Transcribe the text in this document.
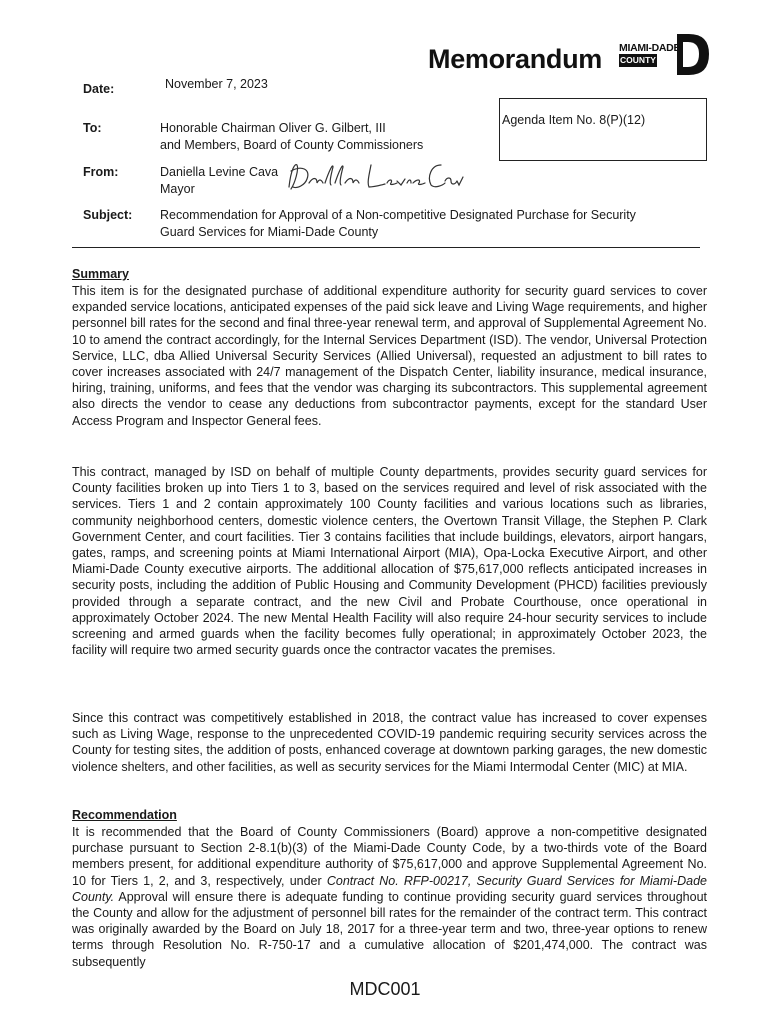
Memorandum MIAMI-DADE
COUNTY
Date:	November 7, 2023
Agenda Item No. 8(P)(12)
To:	Honorable Chairman Oliver G. Gilbert, III
and Members, Board of County Commissioners
From:	Daniella Levine Cava
Mayor
Subject: Recommendation for Approval of a Non-competitive Designated Purchase for Security
Guard Services for Miami-Dade County
Summary

This item is for the designated purchase of additional expenditure authority for security guard services to cover expanded service locations, anticipated expenses of the paid sick leave and Living Wage requirements, and higher personnel bill rates for the second and final three-year renewal term, and approval of Supplemental Agreement No. 10 to amend the contract accordingly, for the Internal Services Department (ISD). The vendor, Universal Protection Service, LLC, dba Allied Universal Security Services (Allied Universal), requested an adjustment to bill rates to cover increases associated with 24/7 management of the Dispatch Center, liability insurance, medical insurance, hiring, training, uniforms, and fees that the vendor was charging its subcontractors. This supplemental agreement also directs the vendor to cease any deductions from subcontractor payments, except for the standard User Access Program and Inspector General fees.

This contract, managed by ISD on behalf of multiple County departments, provides security guard services for County facilities broken up into Tiers 1 to 3, based on the services required and level of risk associated with the services. Tiers 1 and 2 contain approximately 100 County facilities and various locations such as libraries, community neighborhood centers, domestic violence centers, the Overtown Transit Village, the Stephen P. Clark Government Center, and court facilities. Tier 3 contains facilities that include buildings, elevators, airport hangars, gates, ramps, and screening points at Miami International Airport (MIA), Opa-Locka Executive Airport, and other Miami-Dade County executive airports. The additional allocation of $75,617,000 reflects anticipated increases in security posts, including the addition of Public Housing and Community Development (PHCD) facilities previously provided through a separate contract, and the new Civil and Probate Courthouse, once operational in approximately October 2024. The new Mental Health Facility will also require 24-hour security services to include screening and armed guards when the facility becomes fully operational; in approximately October 2023, the facility will require two armed security guards once the contractor vacates the premises.

Since this contract was competitively established in 2018, the contract value has increased to cover expenses such as Living Wage, response to the unprecedented COVID-19 pandemic requiring security services across the County for testing sites, the addition of posts, enhanced coverage at downtown parking garages, the new domestic violence shelters, and other facilities, as well as security services for the Miami Intermodal Center (MIC) at MIA.

Recommendation

It is recommended that the Board of County Commissioners (Board) approve a non-competitive designated purchase pursuant to Section 2-8.1(b)(3) of the Miami-Dade County Code, by a two-thirds vote of the Board members present, for additional expenditure authority of $75,617,000 and approve Supplemental Agreement No. 10 for Tiers 1, 2, and 3, respectively, under Contract No. RFP-00217, Security Guard Services for Miami-Dade County. Approval will ensure there is adequate funding to continue providing security guard services throughout the County and allow for the adjustment of personnel bill rates for the remainder of the contract term. This contract was originally awarded by the Board on July 18, 2017 for a three-year term and two, three-year options to renew terms through Resolution No. R-750-17 and a cumulative allocation of $201,474,000. The contract was subsequently

MDC001
